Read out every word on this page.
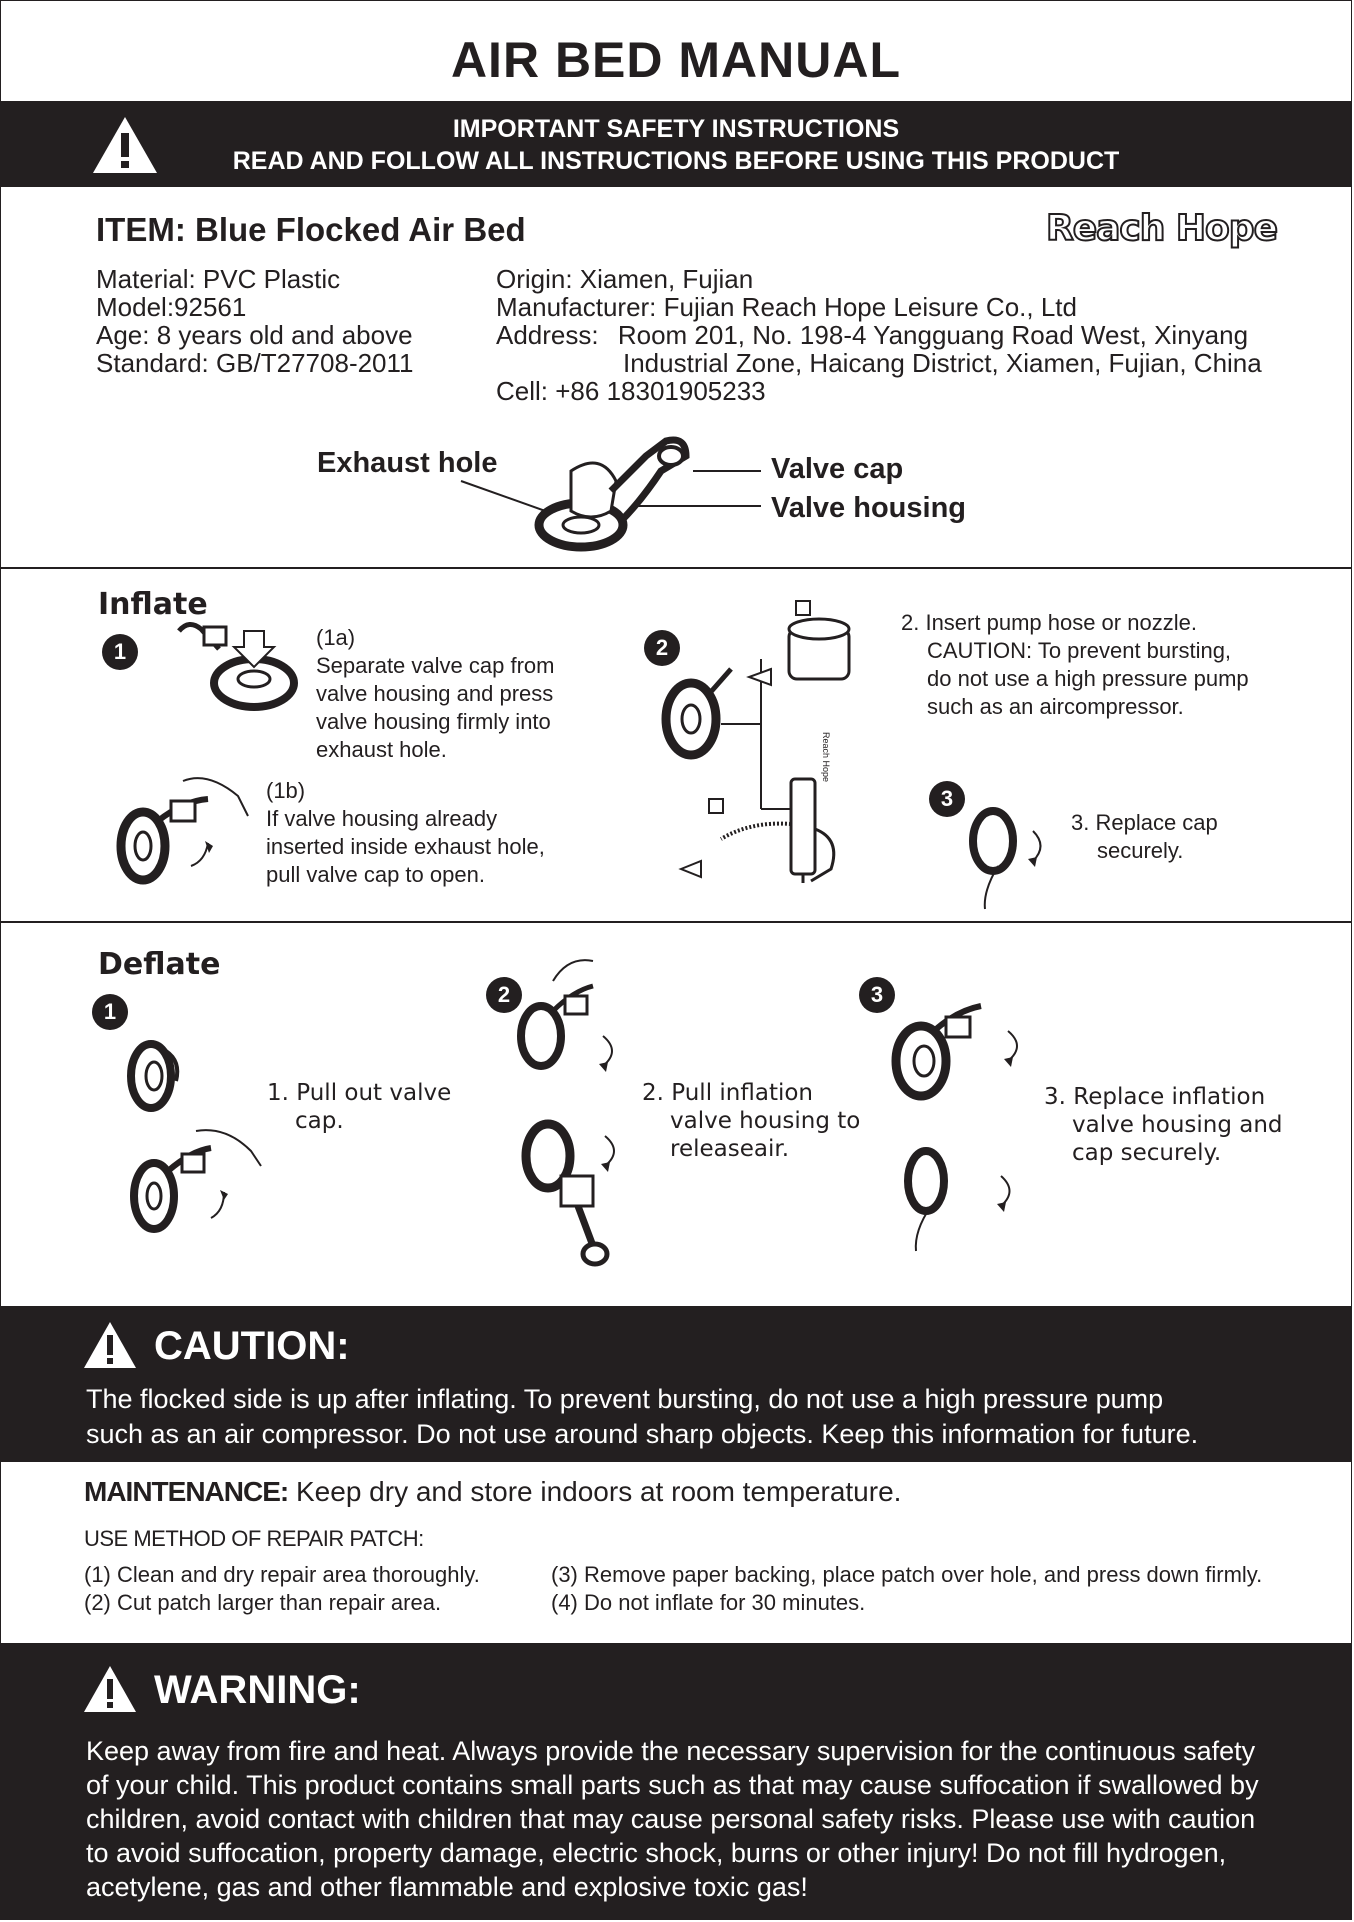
AIR BED MANUAL
IMPORTANT SAFETY INSTRUCTIONS
READ AND FOLLOW ALL INSTRUCTIONS BEFORE USING THIS PRODUCT
ITEM: Blue Flocked Air Bed	Reach Hope
Material: PVC Plastic
Model:92561
Age: 8 years old and above
Standard: GB/T27708-2011
Origin: Xiamen, Fujian
Manufacturer: Fujian Reach Hope Leisure Co., Ltd
Address: Room 201, No. 198-4 Yangguang Road West, Xinyang
Industrial Zone, Haicang District, Xiamen, Fujian, China
Cell: +86 18301905233
Exhaust hole	Valve cap
Valve housing
Inflate
1
(1a)
Separate valve cap from
valve housing and press
valve housing firmly into
exhaust hole.
(1b)
If valve housing already
inserted inside exhaust hole,
pull valve cap to open.
2
Reach Hope
2. Insert pump hose or nozzle.
CAUTION: To prevent bursting,
do not use a high pressure pump
such as an aircompressor.
3
3. Replace cap
securely.
Deflate
1
1. Pull out valve
cap.
2
2. Pull inflation
valve housing to
releaseair.
3
3. Replace inflation
valve housing and
cap securely.
CAUTION:
The flocked side is up after inflating. To prevent bursting, do not use a high pressure pump
such as an air compressor. Do not use around sharp objects. Keep this information for future.
MAINTENANCE: Keep dry and store indoors at room temperature.
USE METHOD OF REPAIR PATCH:
(1) Clean and dry repair area thoroughly.
(2) Cut patch larger than repair area.
(3) Remove paper backing, place patch over hole, and press down firmly.
(4) Do not inflate for 30 minutes.
WARNING:
Keep away from fire and heat. Always provide the necessary supervision for the continuous safety
of your child. This product contains small parts such as that may cause suffocation if swallowed by
children, avoid contact with children that may cause personal safety risks. Please use with caution
to avoid suffocation, property damage, electric shock, burns or other injury! Do not fill hydrogen,
acetylene, gas and other flammable and explosive toxic gas!
